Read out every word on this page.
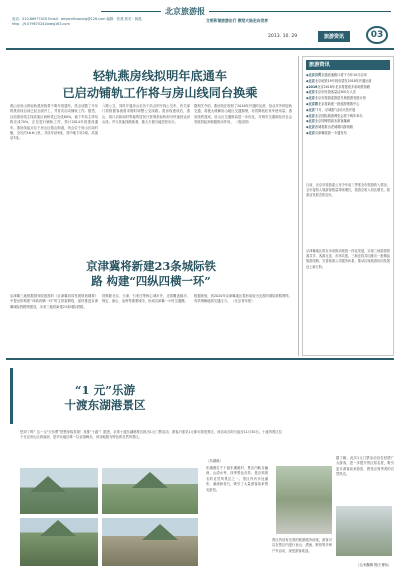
北京旅游报
电话：010-66977420 Email：beyondhuaxing@126.com 编辑：张燕 校对：薛磊 http：//t.079670241bdeg163.com
文明和谐旅游出行 教给大陆走向世界
2013. 10. 29	旅游资讯	03
轻轨燕房线拟明年底通车
已启动铺轨工作将与房山线同台换乘
燕山至房山的轻轨燕房线将于明年底通车，热点话题了半年的燕房线目前已经全面开工，并首次启动铺轨工作。据悉，目前燕房线主线高架区间桥梁已完成80%，地下车站主体结构完成70%，正在进行铺轨工作，预计2014年底建成通车。燕房线起点位于房山区燕山街道，终点位于房山区阎村镇，全长约16.6公里，共设车站9座，其中地下站2座，高架站7座。
八路公交，同时开通房山至各个站点的专线公交车，有关部门将根据客流需求随时调整公交线路。燕房线建成后，燕山、周口店和阎村等地的居民只需乘坐轻轨即可快速到达房山线，并与其他线路换乘，极大方便当地居民出行。
据相关介绍，燕房线在规划了2016年开通时运营，但从对外的轻轨交通，将极大缓解房山地区交通拥堵，有效降低私家车使用量。燕房线的建成，房山区交通格局进一步优化，对城市交通和经济社会发展将起到积极推动作用。 （逸辰明）
京津冀将新建23条城际铁
路 构建“四纵四横一环”
京津冀三地根据国务院批准的《京津冀协同发展规划纲要》中提出的构建“四纵四横一环”的主骨架网络，加快推进京津冀城际铁路网建设，未来三地将新建23条城际铁路。
铁路除北京、天津、石家庄等核心城市外，还将覆盖廊坊、保定、唐山、沧州等重要城市，形成京津冀一小时交通圈。
根据规划，到2020年京津冀地区将形成较为完善的城际铁路网络，有效缓解地面交通压力。 （北京青年报）
旅游资讯
◆北京自贸京通高速路口将于今年10月启用
◆北京北京地铁19号线有望在2018年开通运营
◆2016北京2016年北京将建成多条地铁线路
◆北京北京市民游客量达300万人次
◆北京北京市旅游委推进冬奥旅游发展计划
◆北京将北京将新建一批旅游集散中心
◆北京“7月，京城游”活动火热开展
◆北京北京国际旅游博览会将于明年举办
◆北京北京园博园周末游客爆满
◆北京西城将推出老城胡同游线路
◆北京京津冀旅游一卡通发布
日前，北京市旅游委公布今年前三季度全市旅游收入情况，全市接待入境游客数量持续增长，旅游总收入同比增长，旅游业发展态势良好。
京津冀地区将在未来推动旅游一体化发展，实现三地旅游资源共享、客源互送、市场共建。三地还将共同推出一批精品旅游线路，完善旅游公共服务体系，推动区域旅游协同发展迈上新台阶。
“1 元”乐游
十渡东湖港景区
您到了吗？这一元“天价票”您想身临其境！首推“十渡”！据悉，京郊十渡东湖港景区推出1元门票活动，游客只需花1元即可游览景区，该活动自即日起至11月30日。十渡风景区位于北京房山区西南部，是华北地区唯一以岩溶峰丛、河谷地貌为特色的自然风景区。
（东湖港）
东湖港位于十渡东湖港村，景区内峡谷幽深，山清水秀，四季景色各异，是京郊著名的自然风景区之一。景区内有多处瀑布、溪流和奇石，吸引了大量游客前来观光游览。
景区内设有完善的旅游服务设施，游客可以在景区内进行登山、漂流、野营等多种户外活动，深受游客欢迎。
据了解，此次1元门票活动旨在回馈广大游客，进一步提升景区知名度，吸引更多游客前来游览，感受京郊秀美的自然风光。
（文/何佩佩 图/王博怡）
